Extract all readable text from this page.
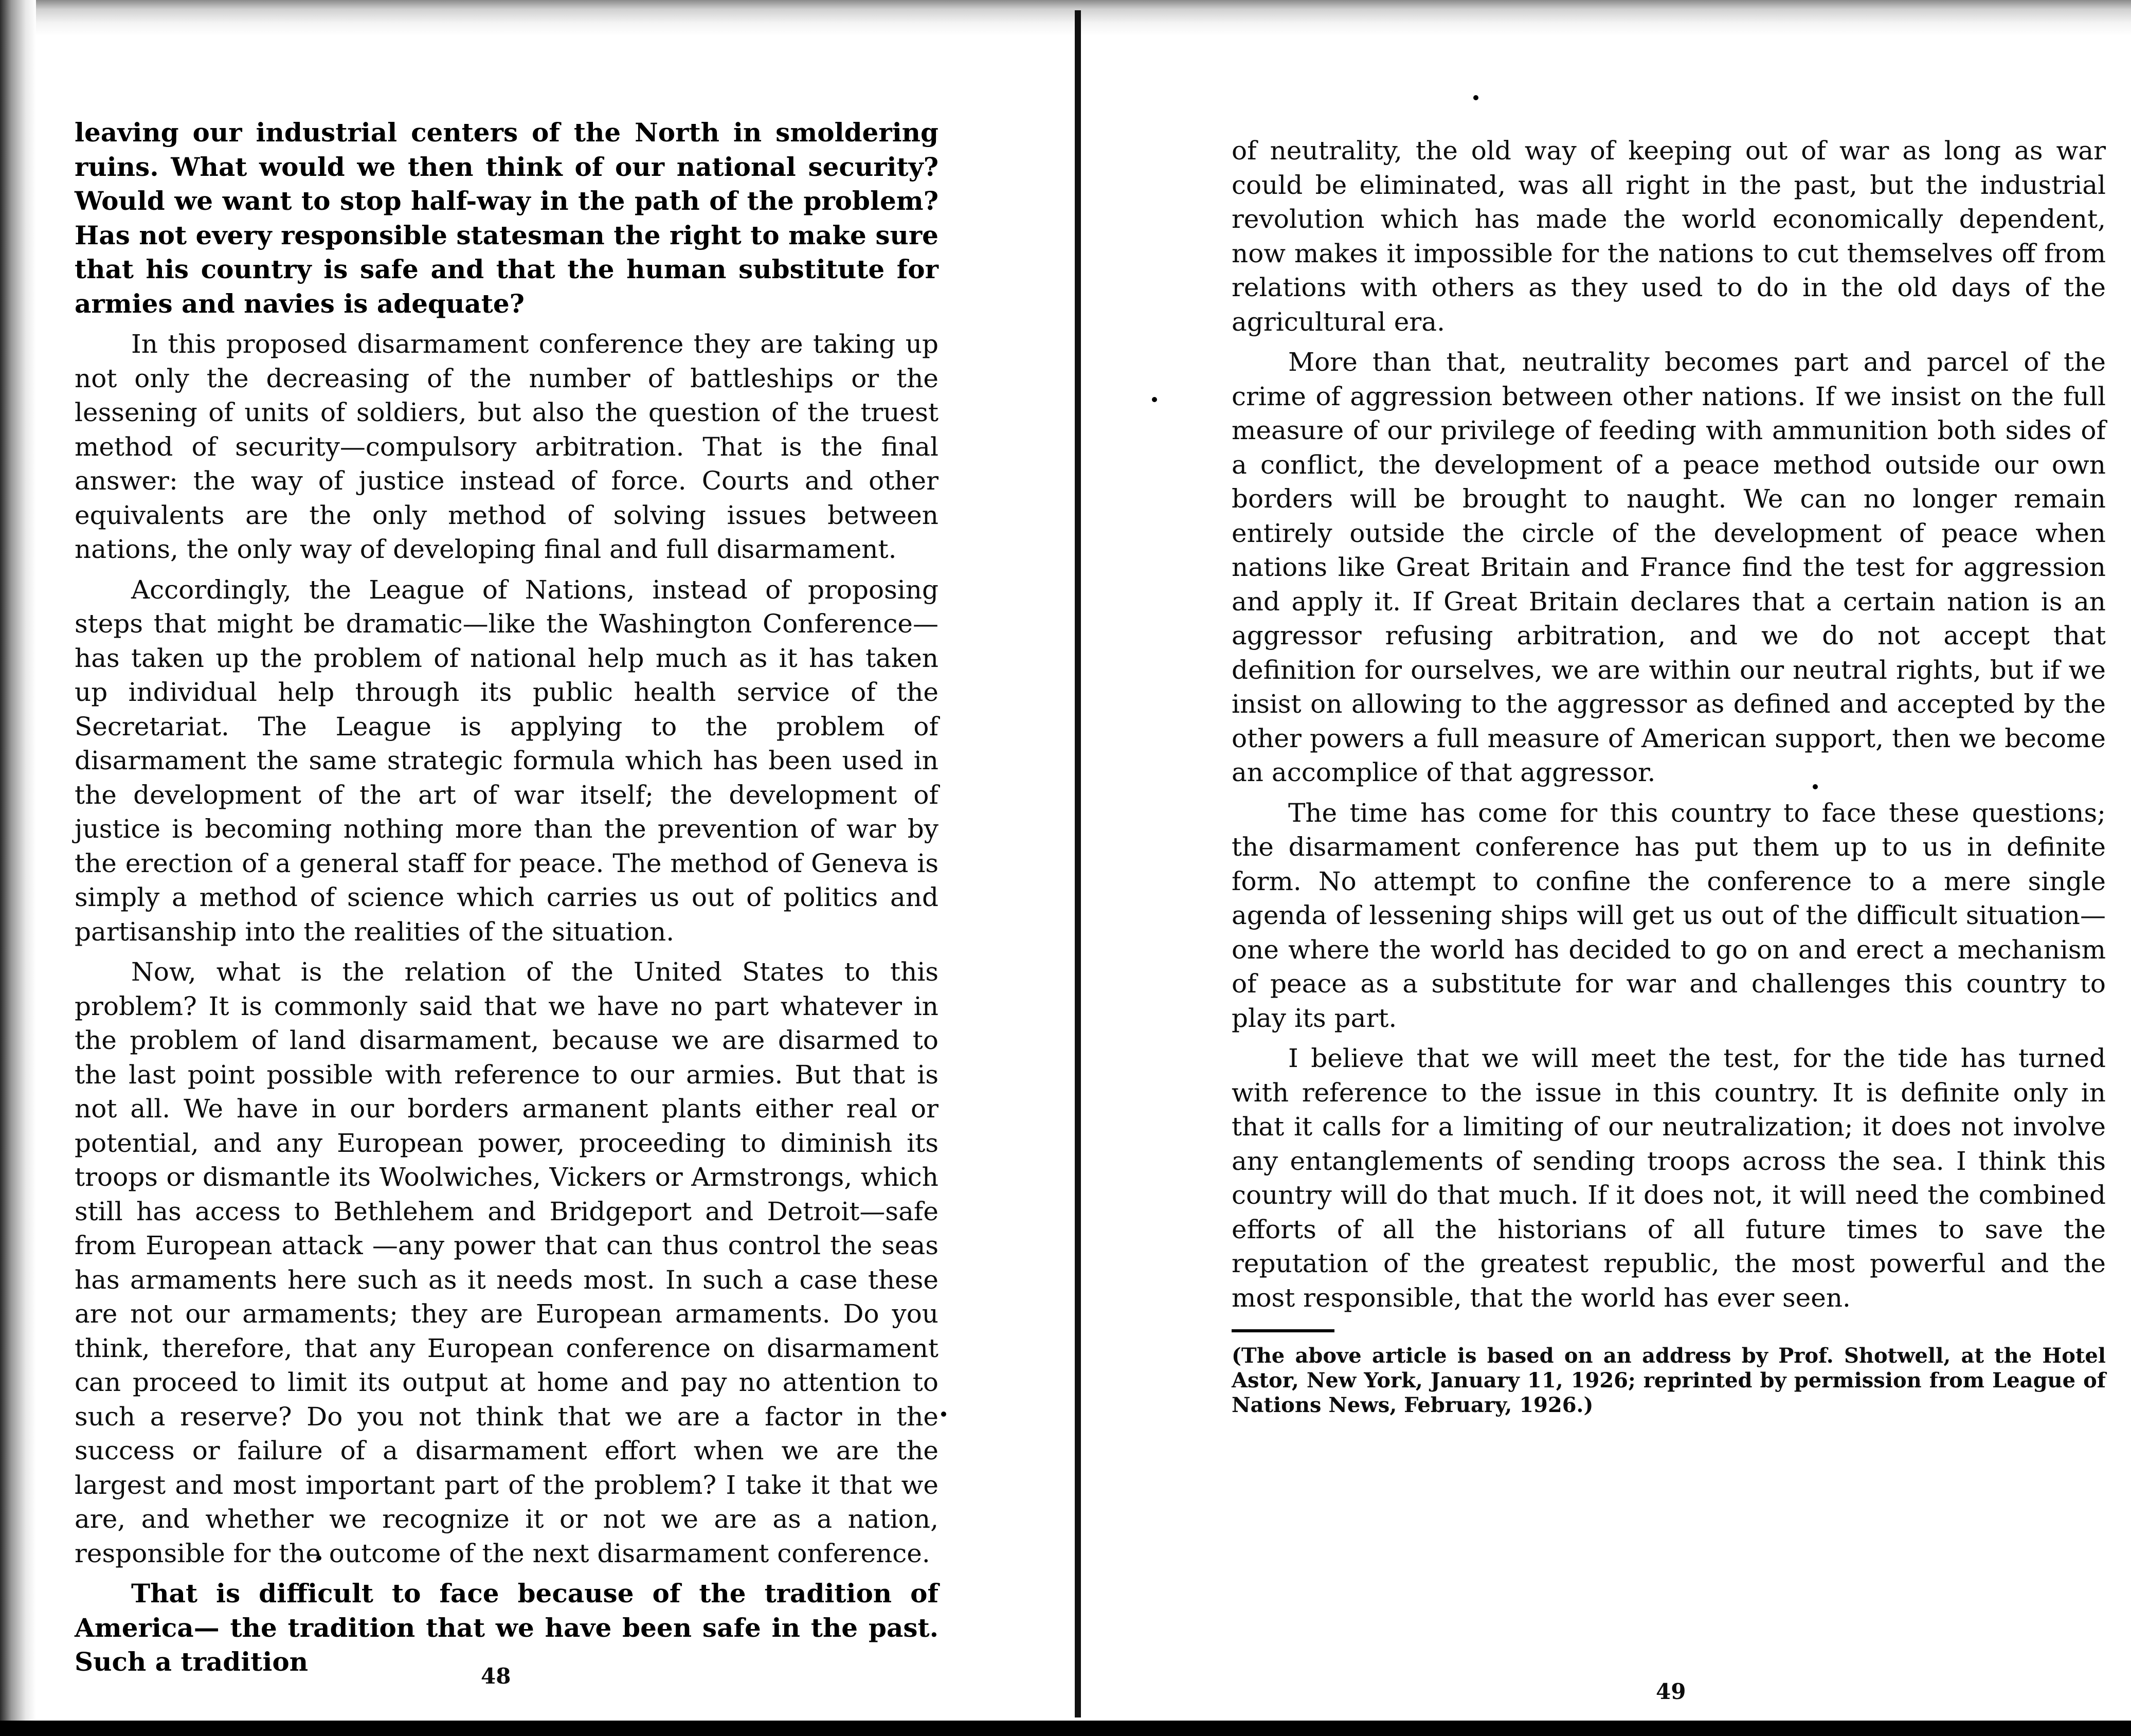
leaving our industrial centers of the North in smoldering ruins. What would we then think of our national security? Would we want to stop half-way in the path of the problem? Has not every responsible statesman the right to make sure that his country is safe and that the human substitute for armies and navies is adequate?

In this proposed disarmament conference they are taking up not only the decreasing of the number of battleships or the lessening of units of soldiers, but also the question of the truest method of security—compulsory arbitration. That is the final answer: the way of justice instead of force. Courts and other equivalents are the only method of solving issues between nations, the only way of developing final and full disarmament.

Accordingly, the League of Nations, instead of proposing steps that might be dramatic—like the Washington Conference—has taken up the problem of national help much as it has taken up individual help through its public health service of the Secretariat. The League is applying to the problem of disarmament the same strategic formula which has been used in the development of the art of war itself; the development of justice is becoming nothing more than the prevention of war by the erection of a general staff for peace. The method of Geneva is simply a method of science which carries us out of politics and partisanship into the realities of the situation.

Now, what is the relation of the United States to this problem? It is commonly said that we have no part whatever in the problem of land disarmament, because we are disarmed to the last point possible with reference to our armies. But that is not all. We have in our borders armanent plants either real or potential, and any European power, proceeding to diminish its troops or dismantle its Woolwiches, Vickers or Armstrongs, which still has access to Bethlehem and Bridgeport and Detroit—safe from European attack —any power that can thus control the seas has armaments here such as it needs most. In such a case these are not our armaments; they are European armaments. Do you think, therefore, that any European conference on disarmament can proceed to limit its output at home and pay no attention to such a reserve? Do you not think that we are a factor in the success or failure of a disarmament effort when we are the largest and most important part of the problem? I take it that we are, and whether we recognize it or not we are as a nation, responsible for the outcome of the next disarmament conference.

That is difficult to face because of the tradition of America— the tradition that we have been safe in the past. Such a tradition	48

of neutrality, the old way of keeping out of war as long as war could be eliminated, was all right in the past, but the industrial revolution which has made the world economically dependent, now makes it impossible for the nations to cut themselves off from relations with others as they used to do in the old days of the agricultural era.

More than that, neutrality becomes part and parcel of the crime of aggression between other nations. If we insist on the full measure of our privilege of feeding with ammunition both sides of a conflict, the development of a peace method outside our own borders will be brought to naught. We can no longer remain entirely outside the circle of the development of peace when nations like Great Britain and France find the test for aggression and apply it. If Great Britain declares that a certain nation is an aggressor refusing arbitration, and we do not accept that definition for ourselves, we are within our neutral rights, but if we insist on allowing to the aggressor as defined and accepted by the other powers a full measure of American support, then we become an accomplice of that aggressor.

The time has come for this country to face these questions; the disarmament conference has put them up to us in definite form. No attempt to confine the conference to a mere single agenda of lessening ships will get us out of the difficult situation—one where the world has decided to go on and erect a mechanism of peace as a substitute for war and challenges this country to play its part.

I believe that we will meet the test, for the tide has turned with reference to the issue in this country. It is definite only in that it calls for a limiting of our neutralization; it does not involve any entanglements of sending troops across the sea. I think this country will do that much. If it does not, it will need the combined efforts of all the historians of all future times to save the reputation of the greatest republic, the most powerful and the most responsible, that the world has ever seen.

(The above article is based on an address by Prof. Shotwell, at the Hotel Astor, New York, January 11, 1926; reprinted by permission from League of Nations News, February, 1926.)

49
